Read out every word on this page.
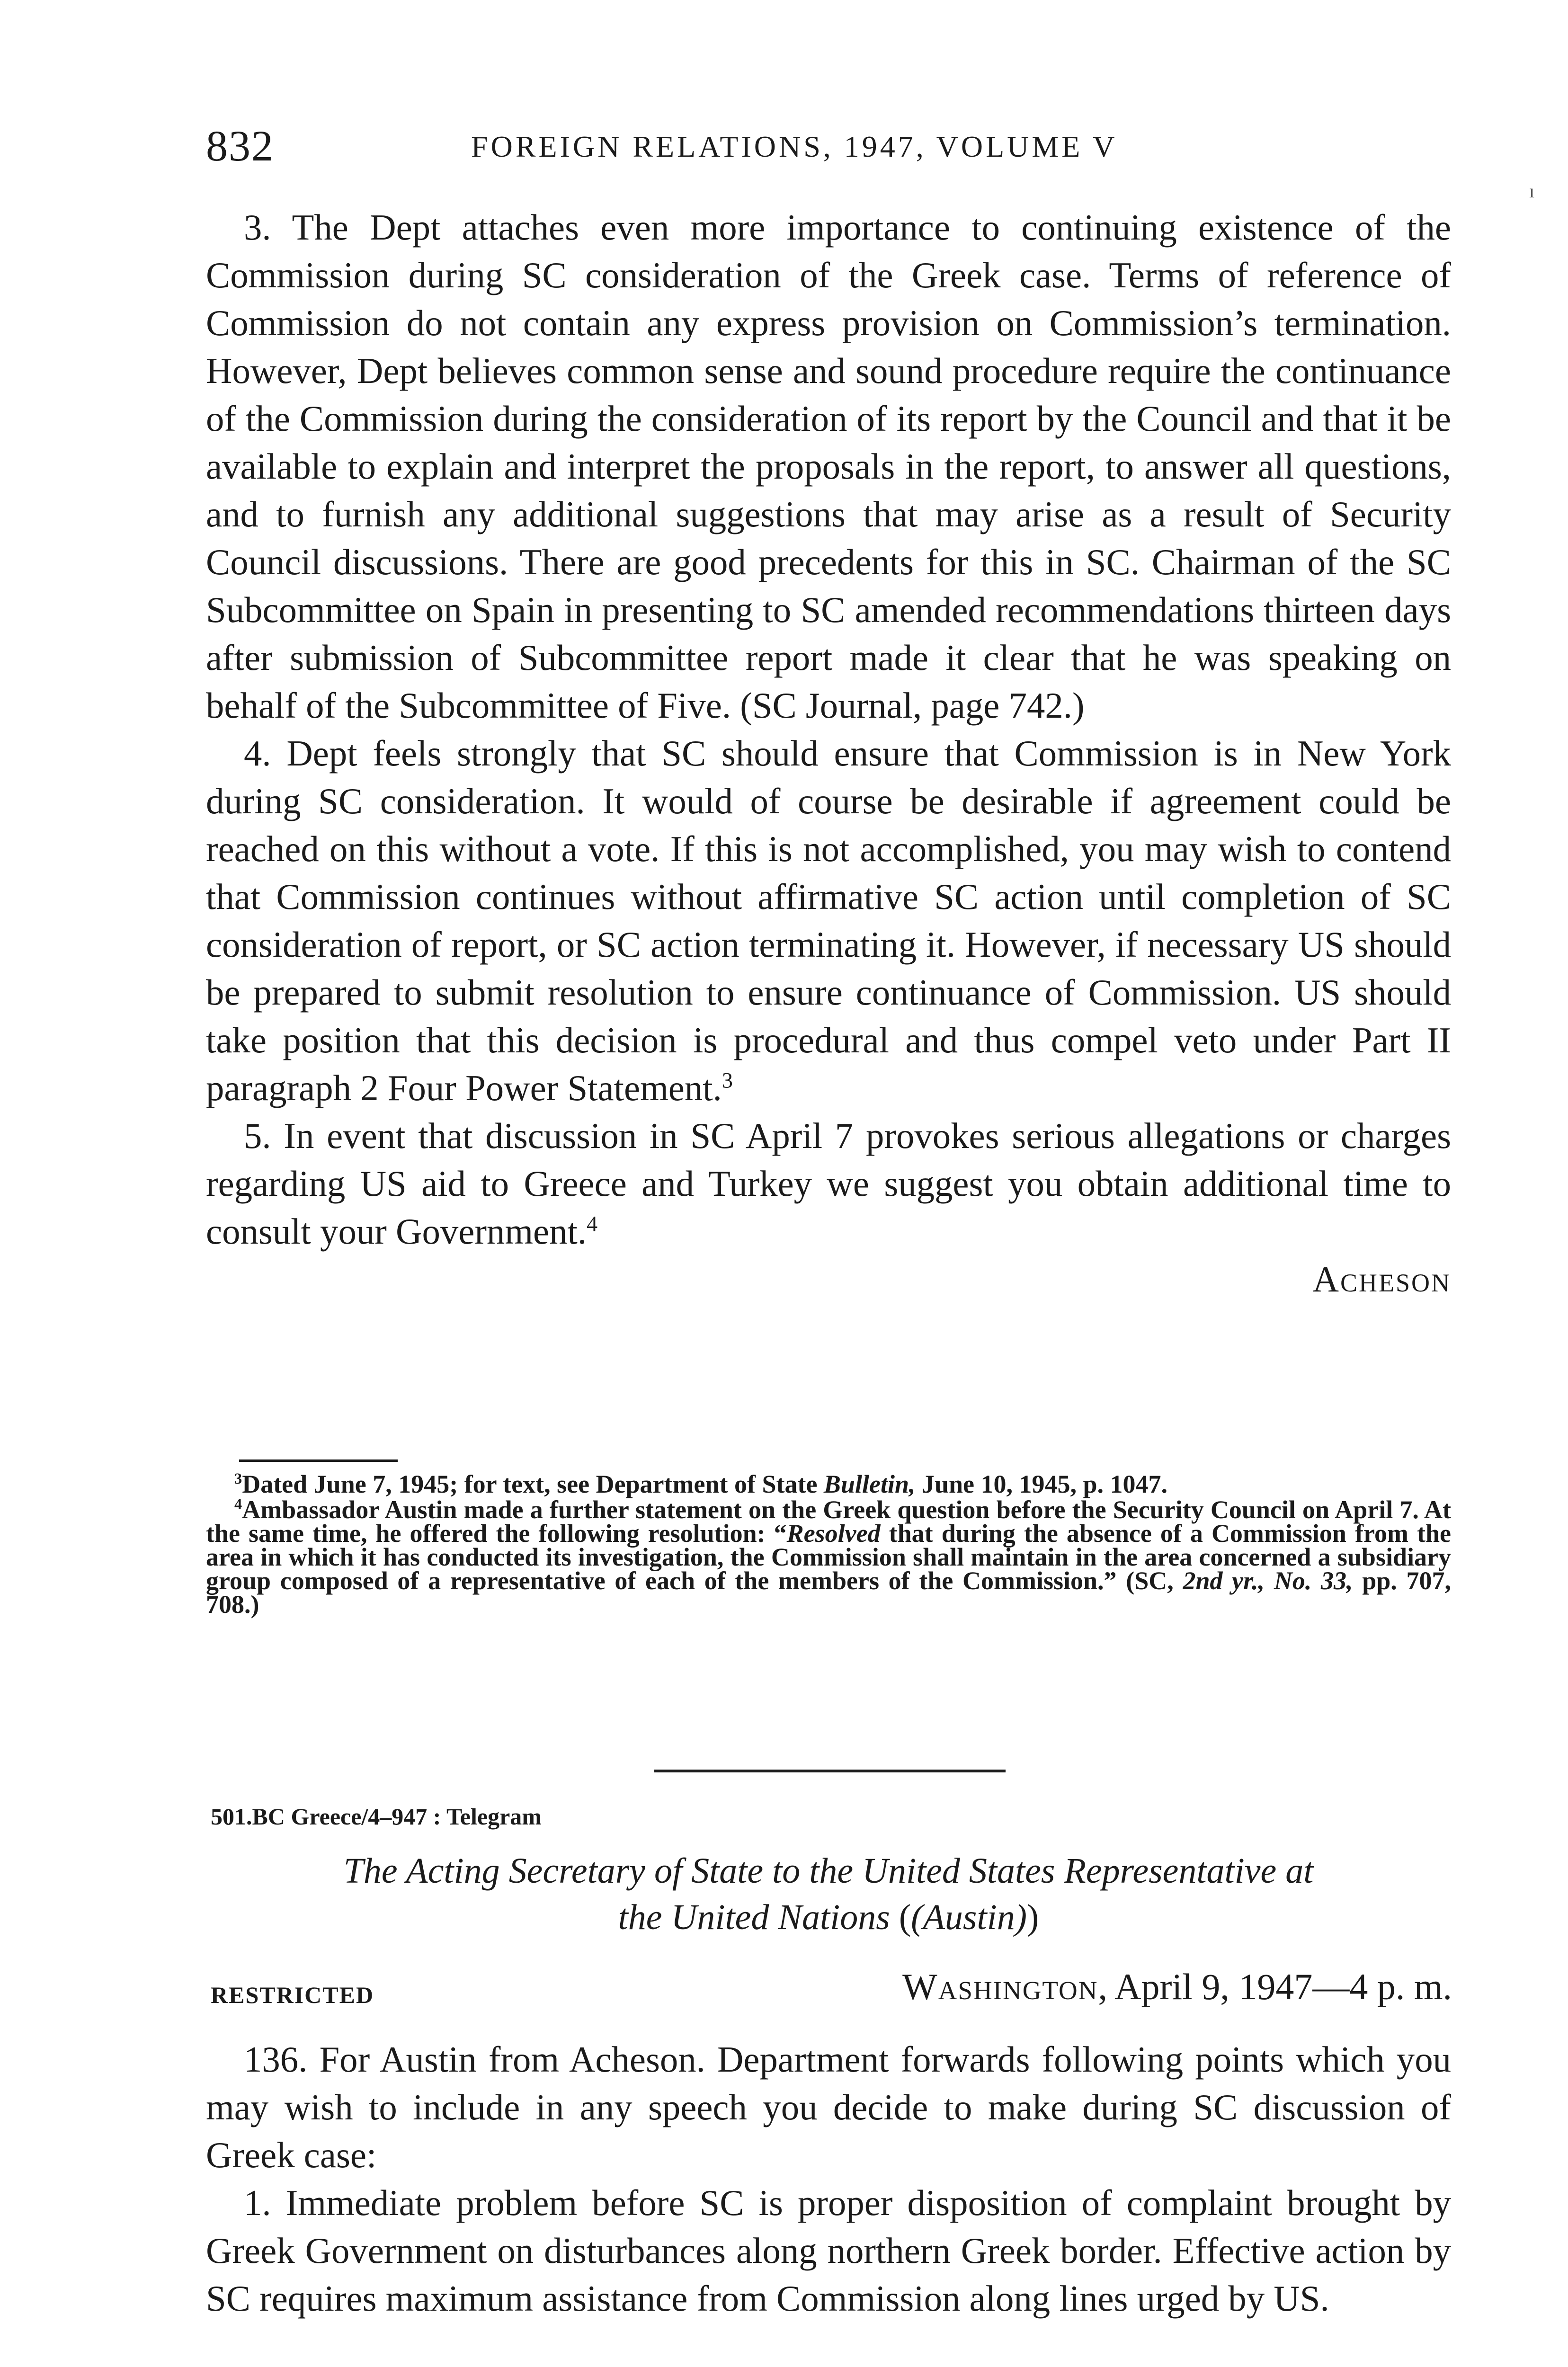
832	FOREIGN RELATIONS, 1947, VOLUME V

3. The Dept attaches even more importance to continuing existence of the Commission during SC consideration of the Greek case. Terms of reference of Commission do not contain any express provision on Commission’s termination. However, Dept believes common sense and sound procedure require the continuance of the Commission during the consideration of its report by the Council and that it be available to explain and interpret the proposals in the report, to answer all questions, and to furnish any additional suggestions that may arise as a result of Security Council discussions. There are good precedents for this in SC. Chairman of the SC Subcommittee on Spain in presenting to SC amended recommendations thirteen days after submission of Subcommittee report made it clear that he was speaking on behalf of the Subcommittee of Five. (SC Journal, page 742.)

4. Dept feels strongly that SC should ensure that Commission is in New York during SC consideration. It would of course be desirable if agreement could be reached on this without a vote. If this is not accomplished, you may wish to contend that Commission continues without affirmative SC action until completion of SC consideration of report, or SC action terminating it. However, if necessary US should be prepared to submit resolution to ensure continuance of Commission. US should take position that this decision is procedural and thus compel veto under Part II paragraph 2 Four Power Statement.$^3$

5. In event that discussion in SC April 7 provokes serious allegations or charges regarding US aid to Greece and Turkey we suggest you obtain additional time to consult your Government.$^4$

Acheson

$^3$Dated June 7, 1945; for text, see Department of State Bulletin, June 10, 1945, p. 1047.

$^4$Ambassador Austin made a further statement on the Greek question before the Security Council on April 7. At the same time, he offered the following resolution: “Resolved that during the absence of a Commission from the area in which it has conducted its investigation, the Commission shall maintain in the area concerned a subsidiary group composed of a representative of each of the members of the Commission.” (SC, 2nd yr., No. 33, pp. 707, 708.)

501.BC Greece/4–947 : Telegram
The Acting Secretary of State to the United States Representative at
the United Nations ((Austin))
RESTRICTED	Washington, April 9, 1947—4 p. m.

136. For Austin from Acheson. Department forwards following points which you may wish to include in any speech you decide to make during SC discussion of Greek case:

1. Immediate problem before SC is proper disposition of complaint brought by Greek Government on disturbances along northern Greek border. Effective action by SC requires maximum assistance from Commission along lines urged by US.

ı
